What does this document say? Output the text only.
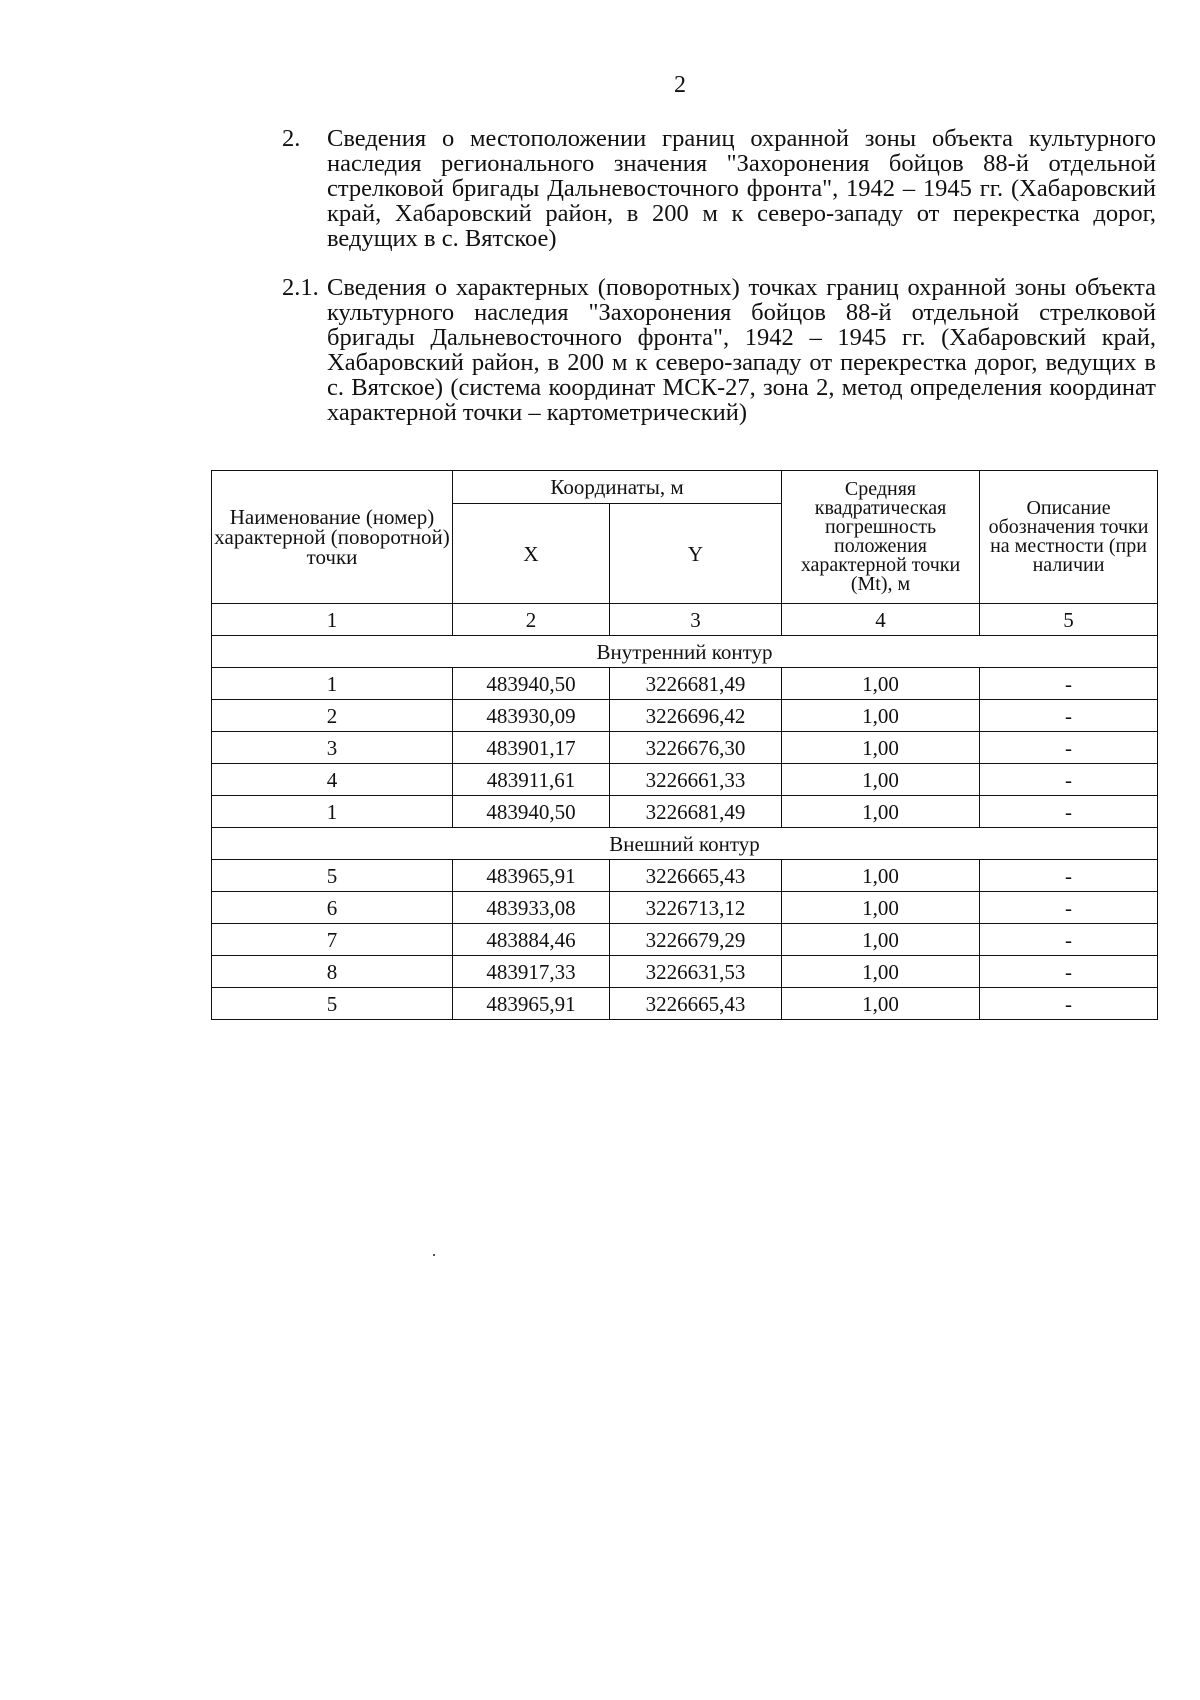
2
2. Сведения о местоположении границ охранной зоны объекта культурного наследия регионального значения "Захоронения бойцов 88-й отдельной стрелковой бригады Дальневосточного фронта", 1942 – 1945 гг. (Хабаровский край, Хабаровский район, в 200 м к северо-западу от перекрестка дорог, ведущих в с. Вятское)
2.1. Сведения о характерных (поворотных) точках границ охранной зоны объекта культурного наследия "Захоронения бойцов 88-й отдельной стрелковой бригады Дальневосточного фронта", 1942 – 1945 гг. (Хабаровский край, Хабаровский район, в 200 м к северо-западу от перекрестка дорог, ведущих в с. Вятское) (система координат МСК-27, зона 2, метод определения координат характерной точки – картометрический)
Наименование (номер) характерной (поворотной) точки	Координаты, м		Средняя квадратическая погрешность положения характерной точки (Mt), м	Описание обозначения точки на местности (при наличии
	X	Y		
1	2	3	4	5
Внутренний контур				
1	483940,50	3226681,49	1,00	-
2	483930,09	3226696,42	1,00	-
3	483901,17	3226676,30	1,00	-
4	483911,61	3226661,33	1,00	-
1	483940,50	3226681,49	1,00	-
Внешний контур				
5	483965,91	3226665,43	1,00	-
6	483933,08	3226713,12	1,00	-
7	483884,46	3226679,29	1,00	-
8	483917,33	3226631,53	1,00	-
5	483965,91	3226665,43	1,00	-
